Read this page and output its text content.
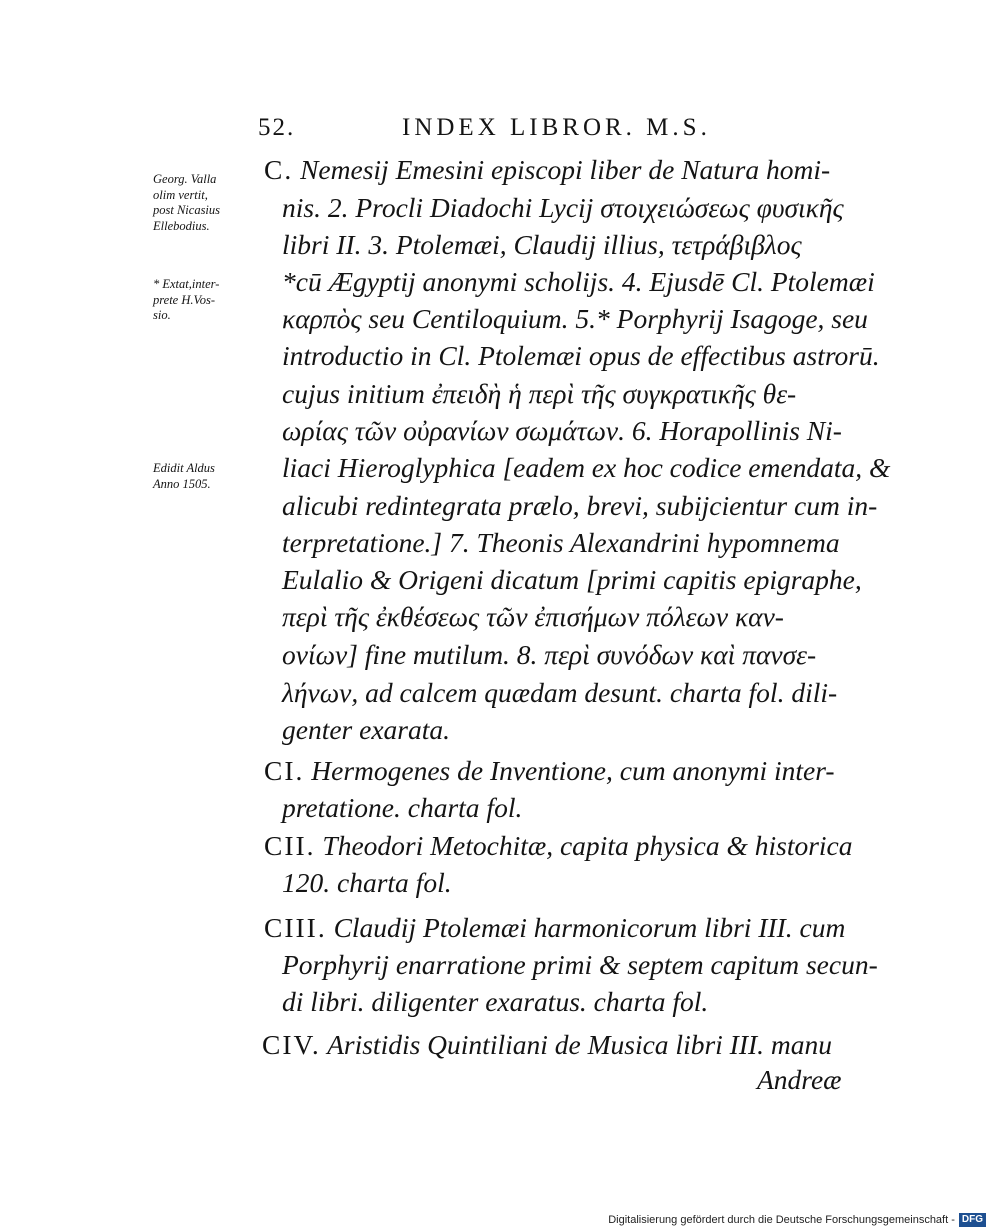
52.	INDEX LIBROR. M.S.
Georg. Valla
olim vertit,
post Nicasius
Ellebodius.
* Extat,inter-
prete H.Vos-
sio.
Edidit Aldus
Anno 1505.
C. Nemesij Emesini episcopi liber de Natura homi-
nis. 2. Procli Diadochi Lycij στοιχειώσεως φυσικῆς
libri II. 3. Ptolemæi, Claudij illius, τετράβιβλος
*cū Ægyptij anonymi scholijs. 4. Ejusdē Cl. Ptolemæi
καρπὸς seu Centiloquium. 5.* Porphyrij Isagoge, seu
introductio in Cl. Ptolemæi opus de effectibus astrorū.
cujus initium ἐπειδὴ ἡ περὶ τῆς συγκρατικῆς θε-
ωρίας τῶν οὐρανίων σωμάτων. 6. Horapollinis Ni-
liaci Hieroglyphica [eadem ex hoc codice emendata, &
alicubi redintegrata prælo, brevi, subijcientur cum in-
terpretatione.] 7. Theonis Alexandrini hypomnema
Eulalio & Origeni dicatum [primi capitis epigraphe,
περὶ τῆς ἐκθέσεως τῶν ἐπισήμων πόλεων καν-
ονίων] fine mutilum. 8. περὶ συνόδων καὶ πανσε-
λήνων, ad calcem quædam desunt. charta fol. dili-
genter exarata.
CI. Hermogenes de Inventione, cum anonymi inter-
pretatione. charta fol.
CII. Theodori Metochitæ, capita physica & historica
120. charta fol.
CIII. Claudij Ptolemæi harmonicorum libri III. cum
Porphyrij enarratione primi & septem capitum secun-
di libri. diligenter exaratus. charta fol.
CIV. Aristidis Quintiliani de Musica libri III. manu
Andreæ
Digitalisierung gefördert durch die Deutsche Forschungsgemeinschaft - DFG
